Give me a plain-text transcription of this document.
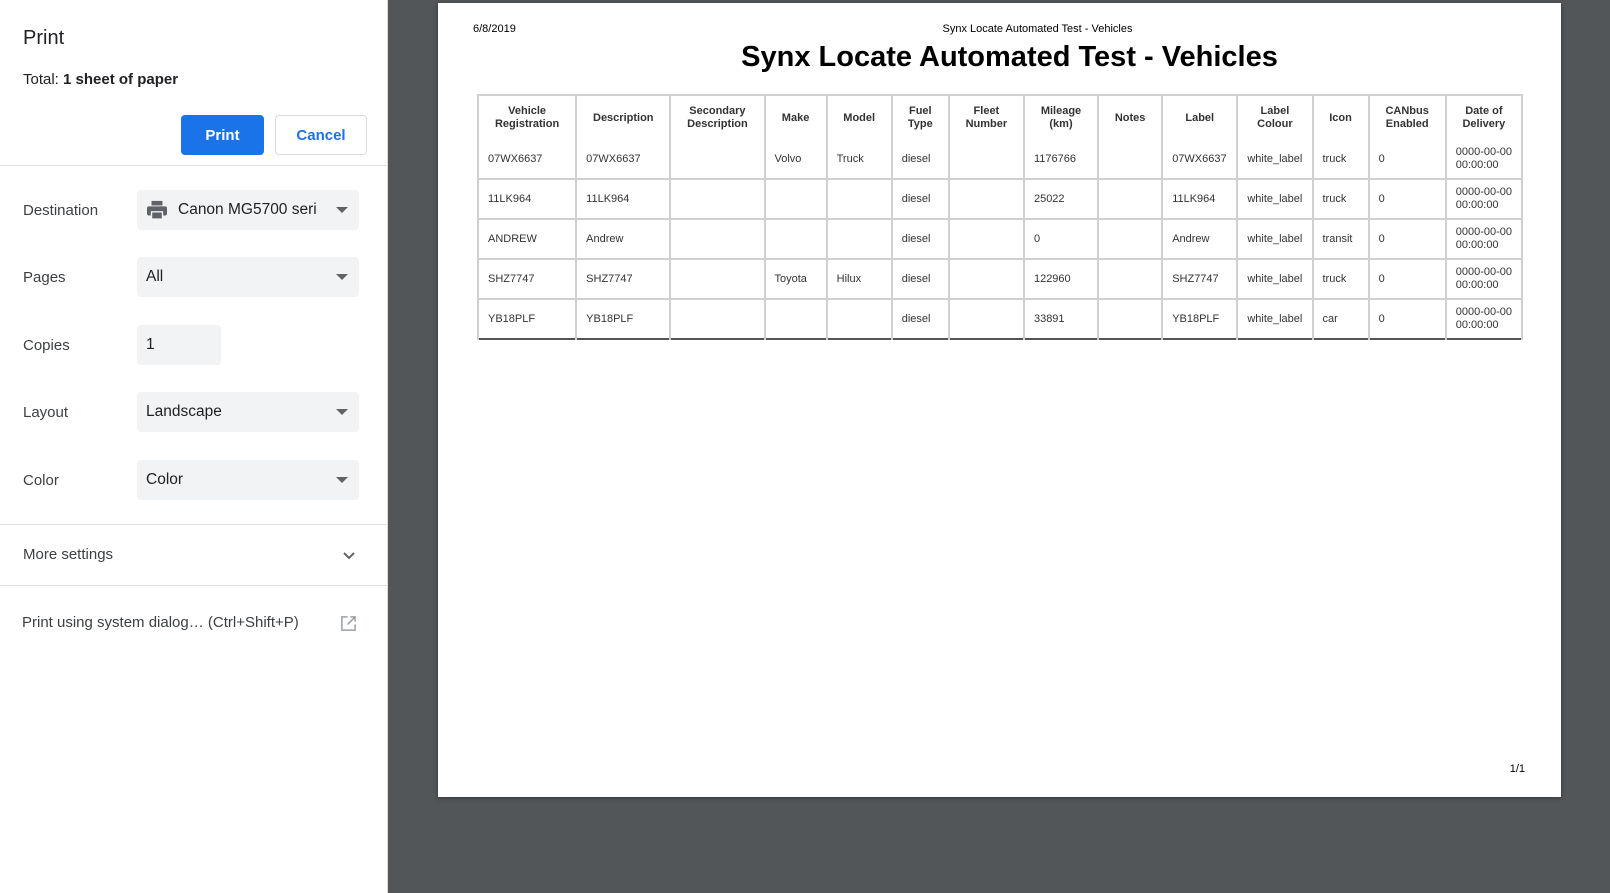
Print
Total: 1 sheet of paper
Print	Cancel
Destination	Canon MG5700 seri
Pages	All
Copies	1
Layout	Landscape
Color	Color
More settings
Print using system dialog… (Ctrl+Shift+P)
6/8/2019	Synx Locate Automated Test - Vehicles
Synx Locate Automated Test - Vehicles
Vehicle Registration	Description	Secondary Description	Make	Model	Fuel Type	Fleet Number	Mileage (km)	Notes	Label	Label Colour	Icon	CANbus Enabled	Date of Delivery
07WX6637	07WX6637		Volvo	Truck	diesel		1176766		07WX6637	white_label	truck	0	0000-00-00 00:00:00
11LK964	11LK964				diesel		25022		11LK964	white_label	truck	0	0000-00-00 00:00:00
ANDREW	Andrew				diesel		0		Andrew	white_label	transit	0	0000-00-00 00:00:00
SHZ7747	SHZ7747		Toyota	Hilux	diesel		122960		SHZ7747	white_label	truck	0	0000-00-00 00:00:00
YB18PLF	YB18PLF				diesel		33891		YB18PLF	white_label	car	0	0000-00-00 00:00:00
1/1
